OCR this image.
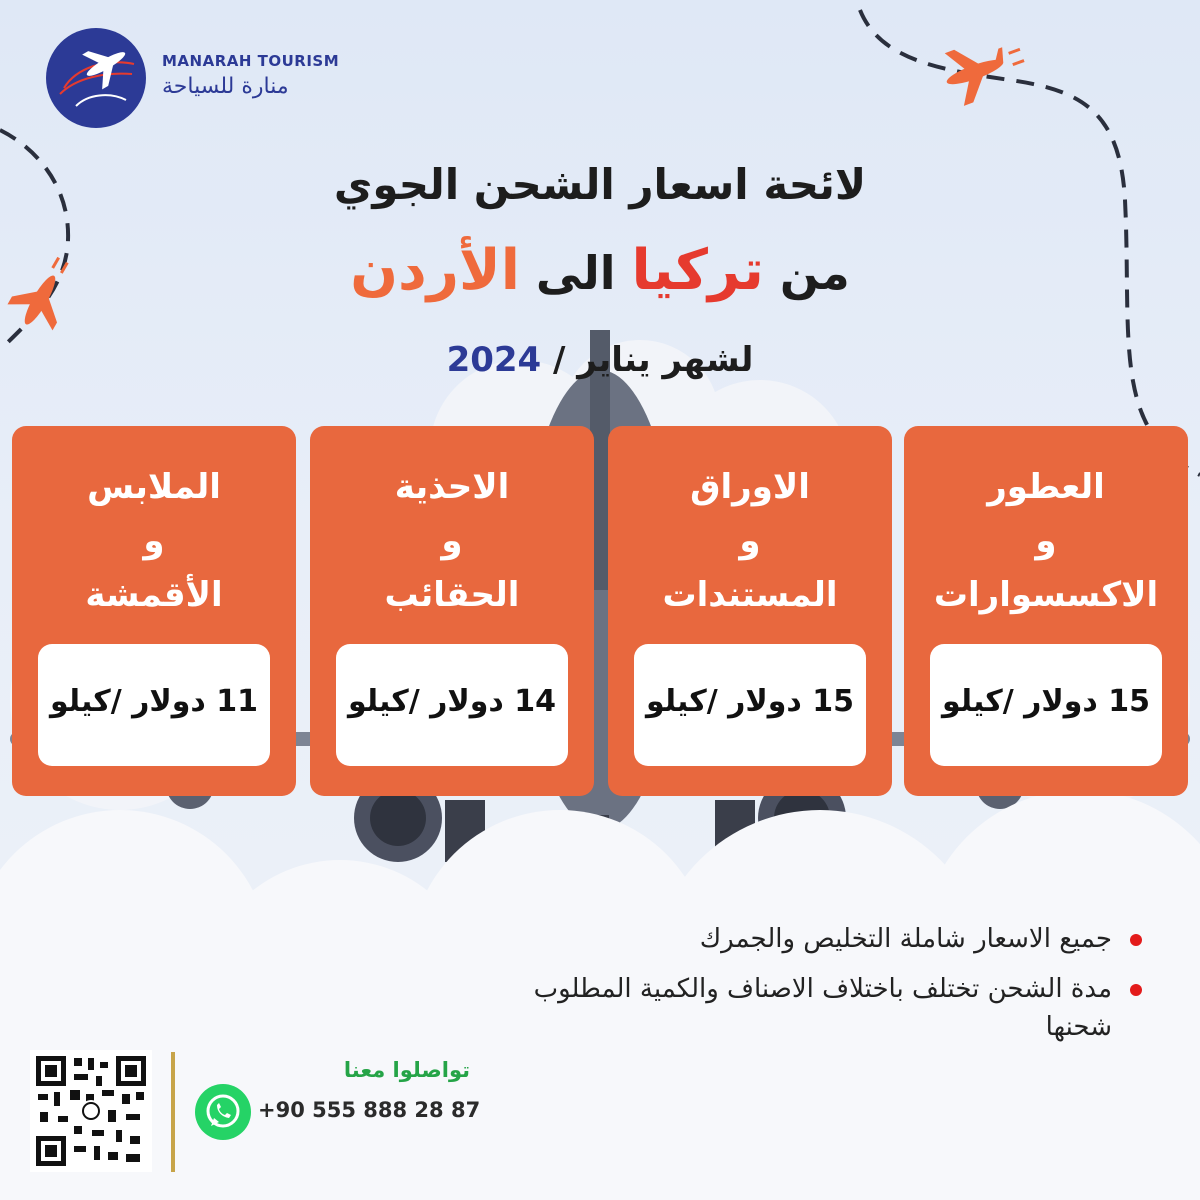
MANARAH TOURISM
منارة للسياحة
لائحة اسعار الشحن الجوي
من تركيا الى الأردن
لشهر يناير / 2024
العطور
و
الاكسسوارات
15 دولار /كيلو
الاوراق
و
المستندات
15 دولار /كيلو
الاحذية
و
الحقائب
14 دولار /كيلو
الملابس
و
الأقمشة
11 دولار /كيلو
جميع الاسعار شاملة التخليص والجمرك
مدة الشحن تختلف باختلاف الاصناف والكمية المطلوب شحنها
تواصلوا معنا
+90 555 888 28 87
